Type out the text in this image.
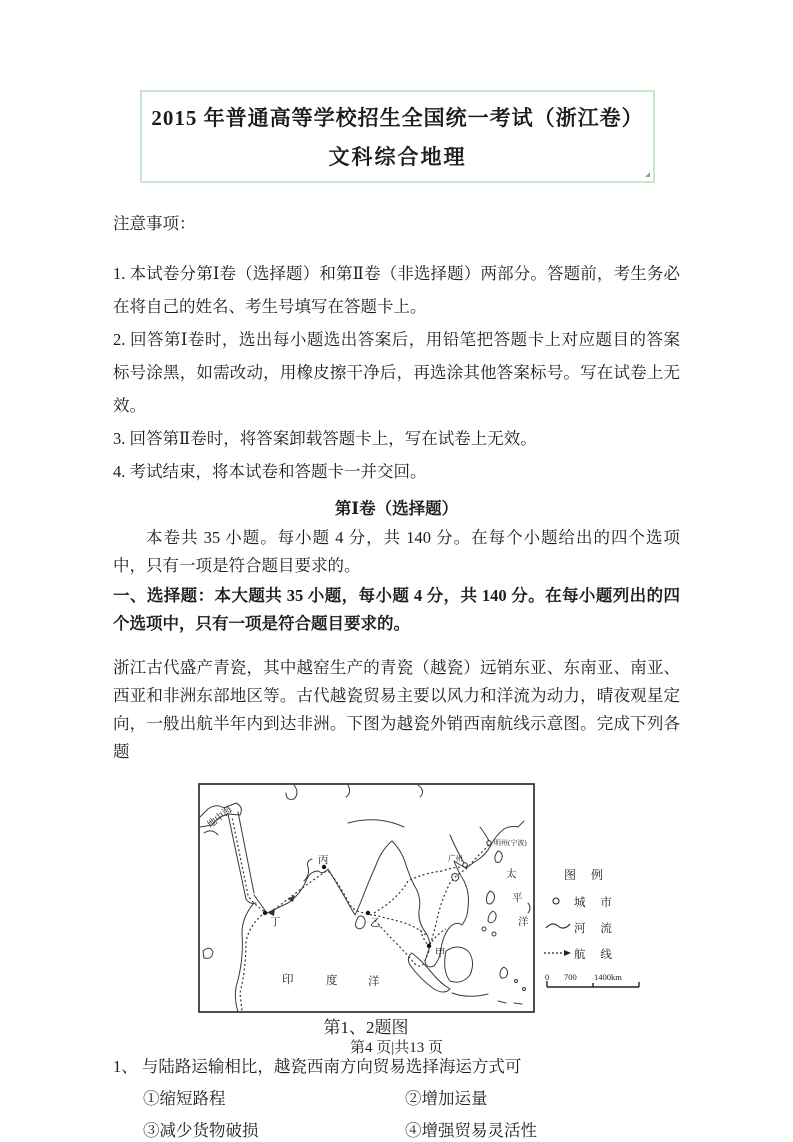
2015 年普通高等学校招生全国统一考试（浙江卷）
文科综合地理

注意事项：

1. 本试卷分第Ⅰ卷（选择题）和第Ⅱ卷（非选择题）两部分。答题前，考生务必在将自己的姓名、考生号填写在答题卡上。

2. 回答第Ⅰ卷时，选出每小题选出答案后，用铅笔把答题卡上对应题目的答案标号涂黑，如需改动，用橡皮擦干净后，再选涂其他答案标号。写在试卷上无效。

3. 回答第Ⅱ卷时，将答案卸载答题卡上，写在试卷上无效。

4. 考试结束，将本试卷和答题卡一并交回。

第Ⅰ卷（选择题）

本卷共 35 小题。每小题 4 分，共 140 分。在每个小题给出的四个选项中，只有一项是符合题目要求的。

一、选择题：本大题共 35 小题，每小题 4 分，共 140 分。在每小题列出的四个选项中，只有一项是符合题目要求的。

浙江古代盛产青瓷，其中越窑生产的青瓷（越瓷）远销东亚、东南亚、南亚、西亚和非洲东部地区等。古代越瓷贸易主要以风力和洋流为动力，晴夜观星定向，一般出航半年内到达非洲。下图为越瓷外销西南航线示意图。完成下列各题

地中海
明州(宁波)
广州
太
平
洋
印	度	洋
丙
丁	乙
甲
图 例
城 市
河 流
航 线
0 700 1400km
第1、2题图
1、 与陆路运输相比，越瓷西南方向贸易选择海运方式可
①缩短路程	②增加运量
③减少货物破损	④增强贸易灵活性
第4 页|共13 页
